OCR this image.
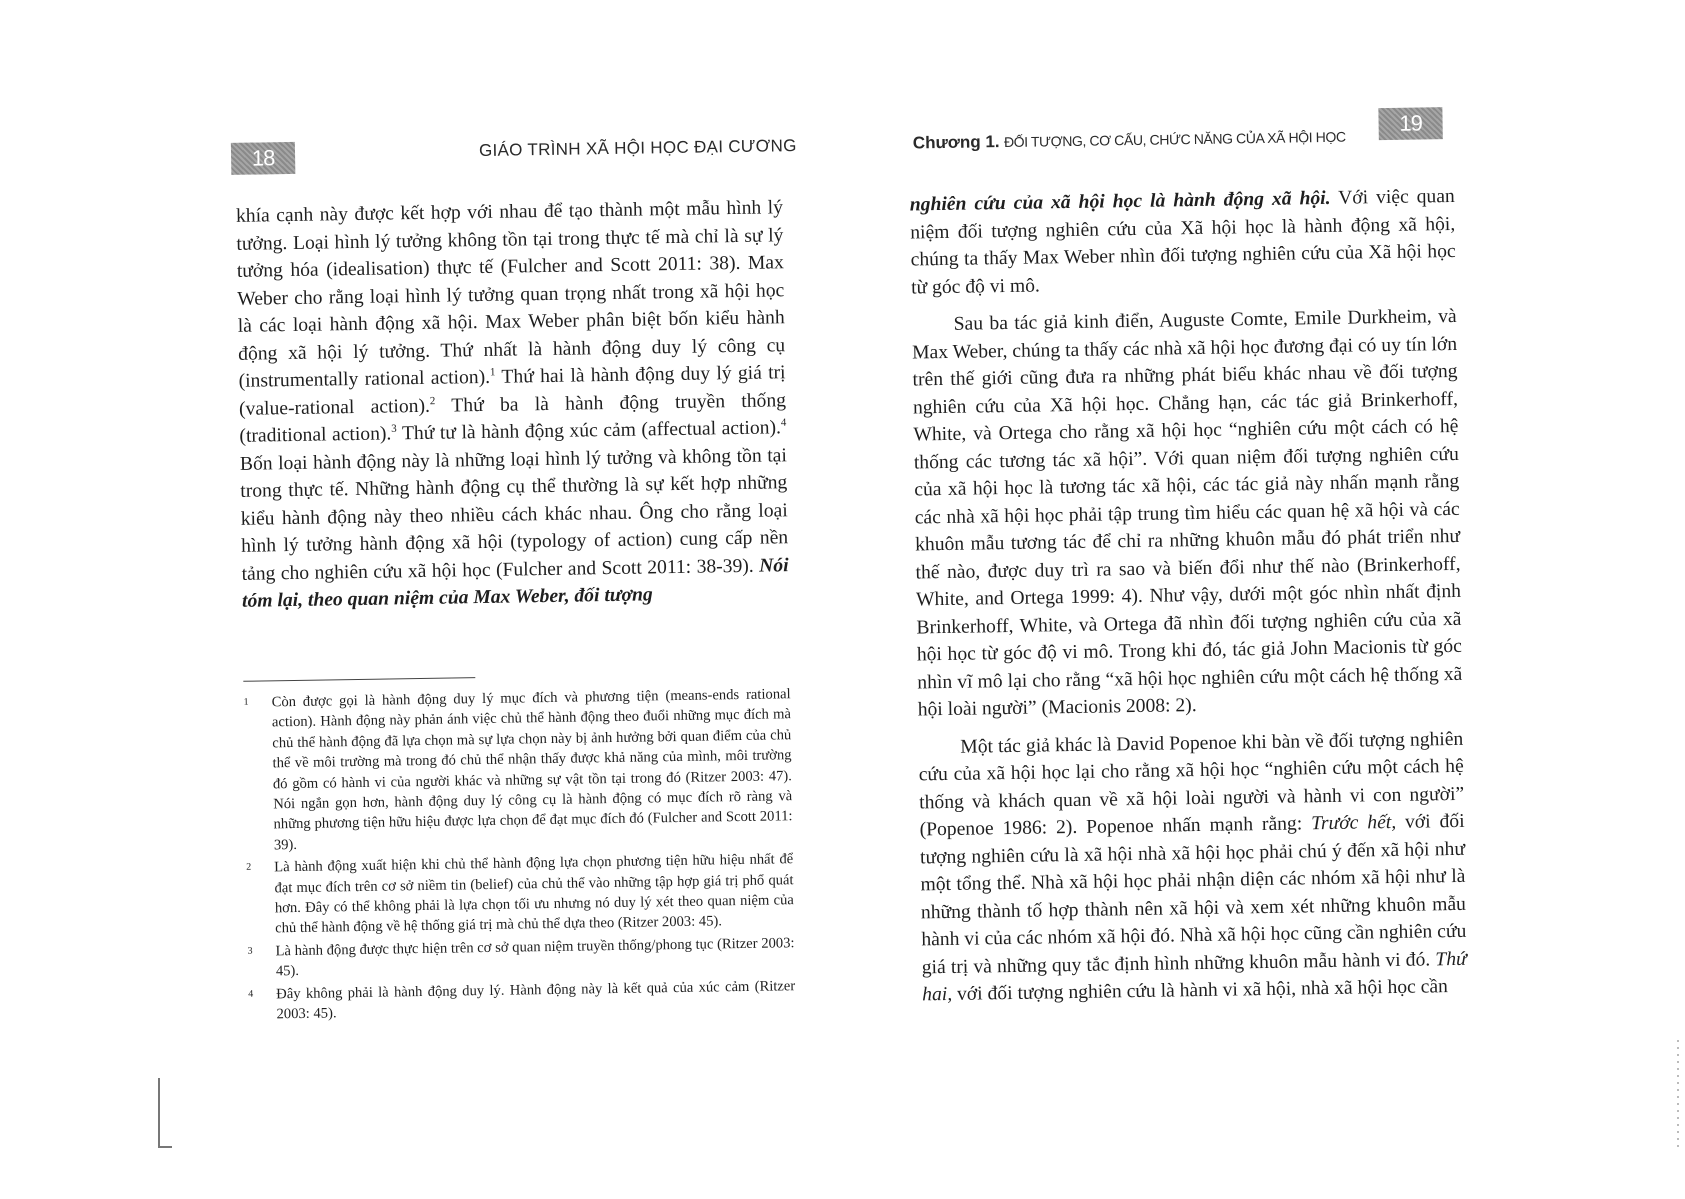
18	GIÁO TRÌNH XÃ HỘI HỌC ĐẠI CƯƠNG

khía cạnh này được kết hợp với nhau để tạo thành một mẫu hình lý tưởng. Loại hình lý tưởng không tồn tại trong thực tế mà chỉ là sự lý tưởng hóa (idealisation) thực tế (Fulcher and Scott 2011: 38). Max Weber cho rằng loại hình lý tưởng quan trọng nhất trong xã hội học là các loại hành động xã hội. Max Weber phân biệt bốn kiểu hành động xã hội lý tưởng. Thứ nhất là hành động duy lý công cụ (instrumentally rational action).$^1$ Thứ hai là hành động duy lý giá trị (value-rational action).$^2$ Thứ ba là hành động truyền thống (traditional action).$^3$ Thứ tư là hành động xúc cảm (affectual action).$^4$ Bốn loại hành động này là những loại hình lý tưởng và không tồn tại trong thực tế. Những hành động cụ thể thường là sự kết hợp những kiểu hành động này theo nhiều cách khác nhau. Ông cho rằng loại hình lý tưởng hành động xã hội (typology of action) cung cấp nền tảng cho nghiên cứu xã hội học (Fulcher and Scott 2011: 38-39). Nói tóm lại, theo quan niệm của Max Weber, đối tượng

1 Còn được gọi là hành động duy lý mục đích và phương tiện (means-ends rational action). Hành động này phản ánh việc chủ thể hành động theo đuổi những mục đích mà chủ thể hành động đã lựa chọn mà sự lựa chọn này bị ảnh hưởng bởi quan điểm của chủ thể về môi trường mà trong đó chủ thể nhận thấy được khả năng của mình, môi trường đó gồm có hành vi của người khác và những sự vật tồn tại trong đó (Ritzer 2003: 47). Nói ngắn gọn hơn, hành động duy lý công cụ là hành động có mục đích rõ ràng và những phương tiện hữu hiệu được lựa chọn để đạt mục đích đó (Fulcher and Scott 2011: 39).
2 Là hành động xuất hiện khi chủ thể hành động lựa chọn phương tiện hữu hiệu nhất để đạt mục đích trên cơ sở niềm tin (belief) của chủ thể vào những tập hợp giá trị phổ quát hơn. Đây có thể không phải là lựa chọn tối ưu nhưng nó duy lý xét theo quan niệm của chủ thể hành động về hệ thống giá trị mà chủ thể dựa theo (Ritzer 2003: 45).
3 Là hành động được thực hiện trên cơ sở quan niệm truyền thống/phong tục (Ritzer 2003: 45).
4 Đây không phải là hành động duy lý. Hành động này là kết quả của xúc cảm (Ritzer 2003: 45).
Chương 1. ĐỐI TƯỢNG, CƠ CẤU, CHỨC NĂNG CỦA XÃ HỘI HỌC
19

nghiên cứu của xã hội học là hành động xã hội. Với việc quan niệm đối tượng nghiên cứu của Xã hội học là hành động xã hội, chúng ta thấy Max Weber nhìn đối tượng nghiên cứu của Xã hội học từ góc độ vi mô.

Sau ba tác giả kinh điển, Auguste Comte, Emile Durkheim, và Max Weber, chúng ta thấy các nhà xã hội học đương đại có uy tín lớn trên thế giới cũng đưa ra những phát biểu khác nhau về đối tượng nghiên cứu của Xã hội học. Chẳng hạn, các tác giả Brinkerhoff, White, và Ortega cho rằng xã hội học “nghiên cứu một cách có hệ thống các tương tác xã hội”. Với quan niệm đối tượng nghiên cứu của xã hội học là tương tác xã hội, các tác giả này nhấn mạnh rằng các nhà xã hội học phải tập trung tìm hiểu các quan hệ xã hội và các khuôn mẫu tương tác để chỉ ra những khuôn mẫu đó phát triển như thế nào, được duy trì ra sao và biến đổi như thế nào (Brinkerhoff, White, and Ortega 1999: 4). Như vậy, dưới một góc nhìn nhất định Brinkerhoff, White, và Ortega đã nhìn đối tượng nghiên cứu của xã hội học từ góc độ vi mô. Trong khi đó, tác giả John Macionis từ góc nhìn vĩ mô lại cho rằng “xã hội học nghiên cứu một cách hệ thống xã hội loài người” (Macionis 2008: 2).

Một tác giả khác là David Popenoe khi bàn về đối tượng nghiên cứu của xã hội học lại cho rằng xã hội học “nghiên cứu một cách hệ thống và khách quan về xã hội loài người và hành vi con người” (Popenoe 1986: 2). Popenoe nhấn mạnh rằng: Trước hết, với đối tượng nghiên cứu là xã hội nhà xã hội học phải chú ý đến xã hội như một tổng thể. Nhà xã hội học phải nhận diện các nhóm xã hội như là những thành tố hợp thành nên xã hội và xem xét những khuôn mẫu hành vi của các nhóm xã hội đó. Nhà xã hội học cũng cần nghiên cứu giá trị và những quy tắc định hình những khuôn mẫu hành vi đó. Thứ hai, với đối tượng nghiên cứu là hành vi xã hội, nhà xã hội học cần
